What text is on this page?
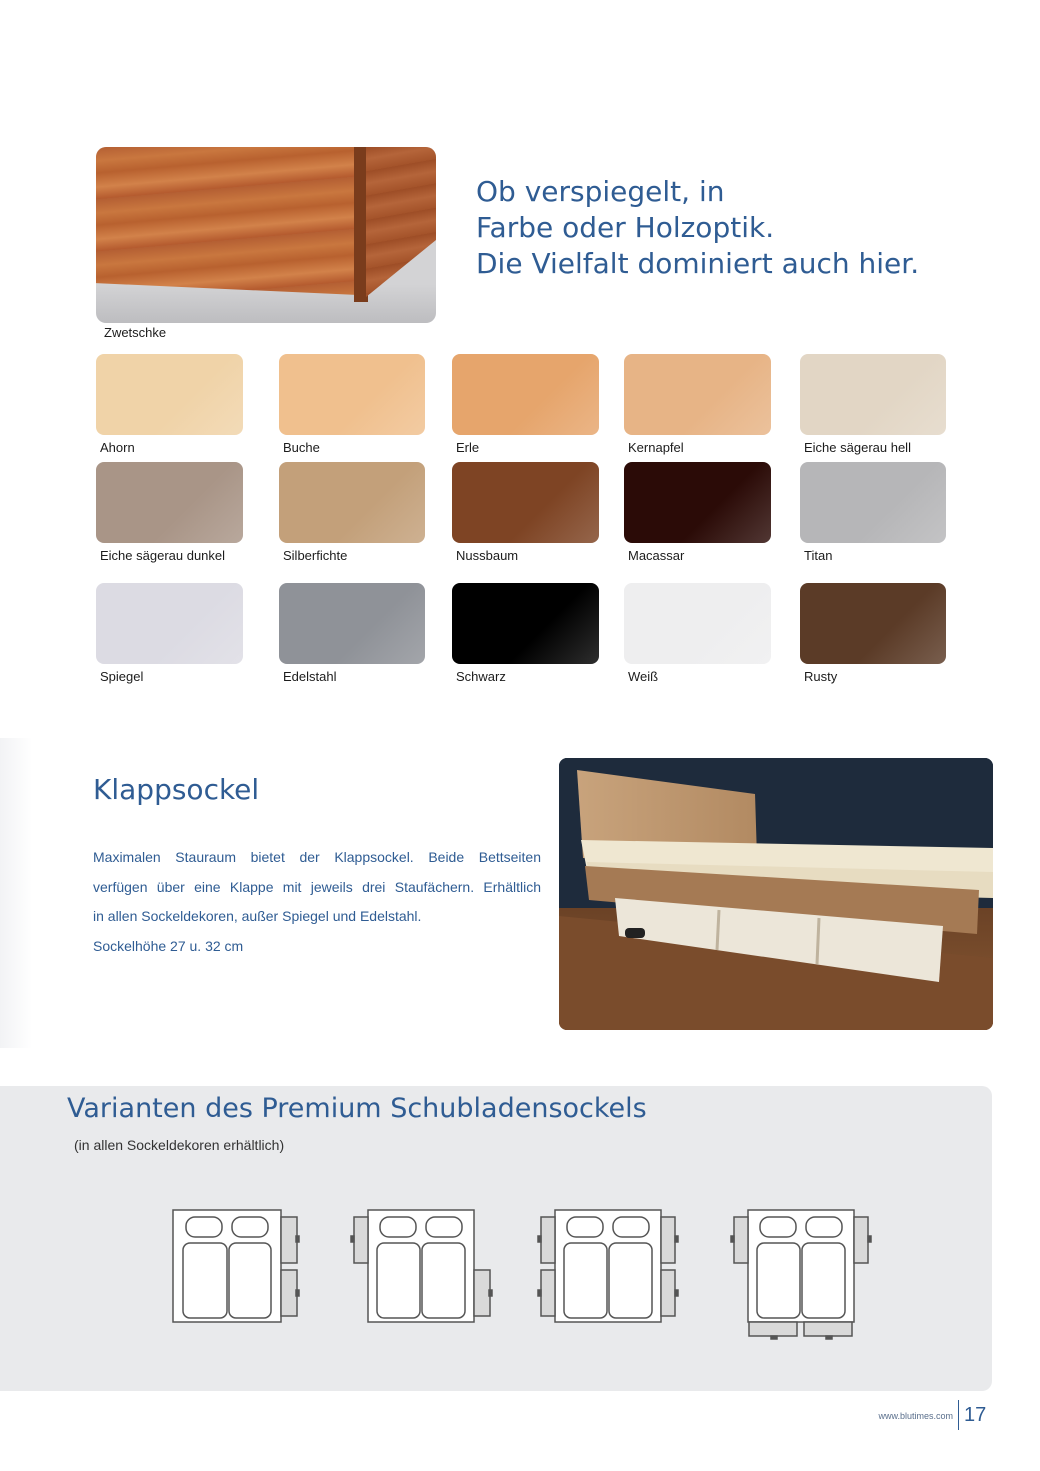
Zwetschke
Ob verspiegelt, in
Farbe oder Holzoptik.
Die Vielfalt dominiert auch hier.
Ahorn	Buche	Erle	Kernapfel	Eiche sägerau hell
Eiche sägerau dunkel	Silberfichte	Nussbaum	Macassar	Titan
Spiegel	Edelstahl	Schwarz	Weiß	Rusty
Klappsockel

Maximalen Stauraum bietet der Klappsockel. Beide Bettseiten

verfügen über eine Klappe mit jeweils drei Staufächern. Erhältlich

in allen Sockeldekoren, außer Spiegel und Edelstahl.

Sockelhöhe 27 u. 32 cm

Varianten des Premium Schubladensockels
(in allen Sockeldekoren erhältlich)
www.blutimes.com 17
